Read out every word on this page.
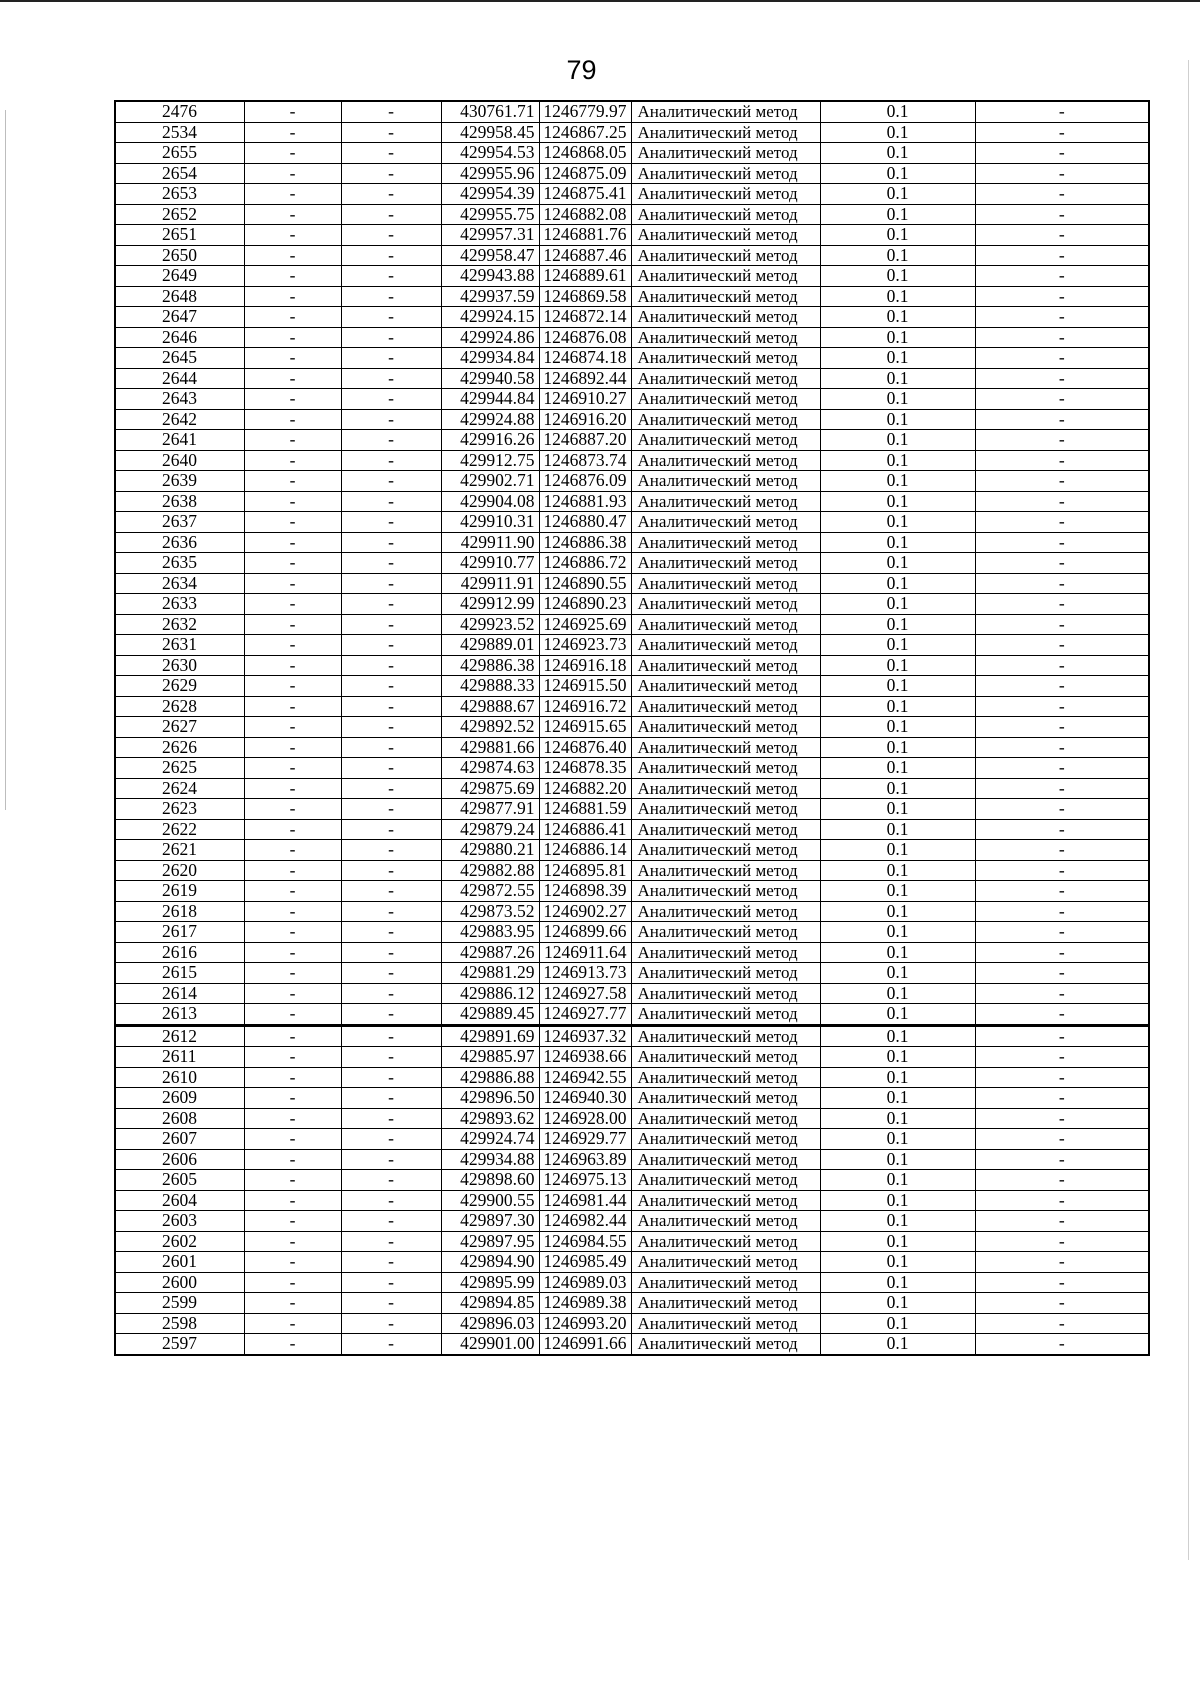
79
2476	-	-	430761.71	1246779.97	Аналитический метод	0.1	-
2534	-	-	429958.45	1246867.25	Аналитический метод	0.1	-
2655	-	-	429954.53	1246868.05	Аналитический метод	0.1	-
2654	-	-	429955.96	1246875.09	Аналитический метод	0.1	-
2653	-	-	429954.39	1246875.41	Аналитический метод	0.1	-
2652	-	-	429955.75	1246882.08	Аналитический метод	0.1	-
2651	-	-	429957.31	1246881.76	Аналитический метод	0.1	-
2650	-	-	429958.47	1246887.46	Аналитический метод	0.1	-
2649	-	-	429943.88	1246889.61	Аналитический метод	0.1	-
2648	-	-	429937.59	1246869.58	Аналитический метод	0.1	-
2647	-	-	429924.15	1246872.14	Аналитический метод	0.1	-
2646	-	-	429924.86	1246876.08	Аналитический метод	0.1	-
2645	-	-	429934.84	1246874.18	Аналитический метод	0.1	-
2644	-	-	429940.58	1246892.44	Аналитический метод	0.1	-
2643	-	-	429944.84	1246910.27	Аналитический метод	0.1	-
2642	-	-	429924.88	1246916.20	Аналитический метод	0.1	-
2641	-	-	429916.26	1246887.20	Аналитический метод	0.1	-
2640	-	-	429912.75	1246873.74	Аналитический метод	0.1	-
2639	-	-	429902.71	1246876.09	Аналитический метод	0.1	-
2638	-	-	429904.08	1246881.93	Аналитический метод	0.1	-
2637	-	-	429910.31	1246880.47	Аналитический метод	0.1	-
2636	-	-	429911.90	1246886.38	Аналитический метод	0.1	-
2635	-	-	429910.77	1246886.72	Аналитический метод	0.1	-
2634	-	-	429911.91	1246890.55	Аналитический метод	0.1	-
2633	-	-	429912.99	1246890.23	Аналитический метод	0.1	-
2632	-	-	429923.52	1246925.69	Аналитический метод	0.1	-
2631	-	-	429889.01	1246923.73	Аналитический метод	0.1	-
2630	-	-	429886.38	1246916.18	Аналитический метод	0.1	-
2629	-	-	429888.33	1246915.50	Аналитический метод	0.1	-
2628	-	-	429888.67	1246916.72	Аналитический метод	0.1	-
2627	-	-	429892.52	1246915.65	Аналитический метод	0.1	-
2626	-	-	429881.66	1246876.40	Аналитический метод	0.1	-
2625	-	-	429874.63	1246878.35	Аналитический метод	0.1	-
2624	-	-	429875.69	1246882.20	Аналитический метод	0.1	-
2623	-	-	429877.91	1246881.59	Аналитический метод	0.1	-
2622	-	-	429879.24	1246886.41	Аналитический метод	0.1	-
2621	-	-	429880.21	1246886.14	Аналитический метод	0.1	-
2620	-	-	429882.88	1246895.81	Аналитический метод	0.1	-
2619	-	-	429872.55	1246898.39	Аналитический метод	0.1	-
2618	-	-	429873.52	1246902.27	Аналитический метод	0.1	-
2617	-	-	429883.95	1246899.66	Аналитический метод	0.1	-
2616	-	-	429887.26	1246911.64	Аналитический метод	0.1	-
2615	-	-	429881.29	1246913.73	Аналитический метод	0.1	-
2614	-	-	429886.12	1246927.58	Аналитический метод	0.1	-
2613	-	-	429889.45	1246927.77	Аналитический метод	0.1	-
2612	-	-	429891.69	1246937.32	Аналитический метод	0.1	-
2611	-	-	429885.97	1246938.66	Аналитический метод	0.1	-
2610	-	-	429886.88	1246942.55	Аналитический метод	0.1	-
2609	-	-	429896.50	1246940.30	Аналитический метод	0.1	-
2608	-	-	429893.62	1246928.00	Аналитический метод	0.1	-
2607	-	-	429924.74	1246929.77	Аналитический метод	0.1	-
2606	-	-	429934.88	1246963.89	Аналитический метод	0.1	-
2605	-	-	429898.60	1246975.13	Аналитический метод	0.1	-
2604	-	-	429900.55	1246981.44	Аналитический метод	0.1	-
2603	-	-	429897.30	1246982.44	Аналитический метод	0.1	-
2602	-	-	429897.95	1246984.55	Аналитический метод	0.1	-
2601	-	-	429894.90	1246985.49	Аналитический метод	0.1	-
2600	-	-	429895.99	1246989.03	Аналитический метод	0.1	-
2599	-	-	429894.85	1246989.38	Аналитический метод	0.1	-
2598	-	-	429896.03	1246993.20	Аналитический метод	0.1	-
2597	-	-	429901.00	1246991.66	Аналитический метод	0.1	-
